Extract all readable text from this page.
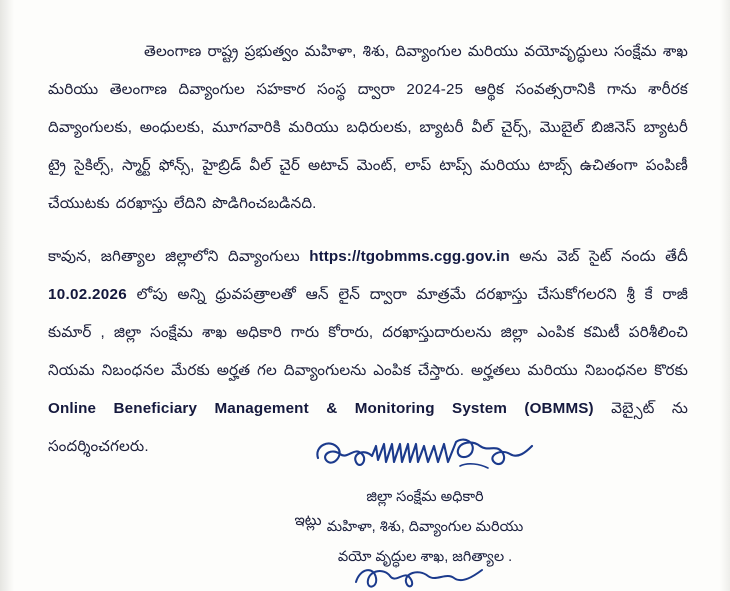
తెలంగాణ రాష్ట్ర ప్రభుత్వం మహిళా, శిశు, దివ్యాంగుల మరియు వయోవృద్ధులు సంక్షేమ శాఖ మరియు తెలంగాణ దివ్యాంగుల సహకార సంస్థ ద్వారా 2024-25 ఆర్థిక సంవత్సరానికి గాను శారీరక దివ్యాంగులకు, అంధులకు, మూగవారికి మరియు బధిరులకు, బ్యాటరీ వీల్ చైర్స్, మొబైల్ బిజినెస్ బ్యాటరీ ట్రై సైకిల్స్, స్మార్ట్ ఫోన్స్, హైబ్రిడ్ వీల్ చైర్ అటాచ్ మెంట్, లాప్ టాప్స్ మరియు టాబ్స్ ఉచితంగా పంపిణీ చేయుటకు దరఖాస్తు లేదిని పొడిగించబడినది.

కావున, జగిత్యాల జిల్లాలోని దివ్యాంగులు https://tgobmms.cgg.gov.in అను వెబ్ సైట్ నందు తేదీ 10.02.2026 లోపు అన్ని ధ్రువపత్రాలతో ఆన్ లైన్ ద్వారా మాత్రమే దరఖాస్తు చేసుకోగలరని శ్రీ కే రాజీ కుమార్ , జిల్లా సంక్షేమ శాఖ అధికారి గారు కోరారు, దరఖాస్తుదారులను జిల్లా ఎంపిక కమిటీ పరిశీలించి నియమ నిబంధనల మేరకు అర్హత గల దివ్యాంగులను ఎంపిక చేస్తారు. అర్హతలు మరియు నిబంధనల కొరకు Online Beneficiary Management & Monitoring System (OBMMS) వెబ్సైట్ ను సందర్శించగలరు.

ఇట్లు
జిల్లా సంక్షేమ అధికారి
మహిళా, శిశు, దివ్యాంగుల మరియు
వయో వృద్ధుల శాఖ, జగిత్యాల .
